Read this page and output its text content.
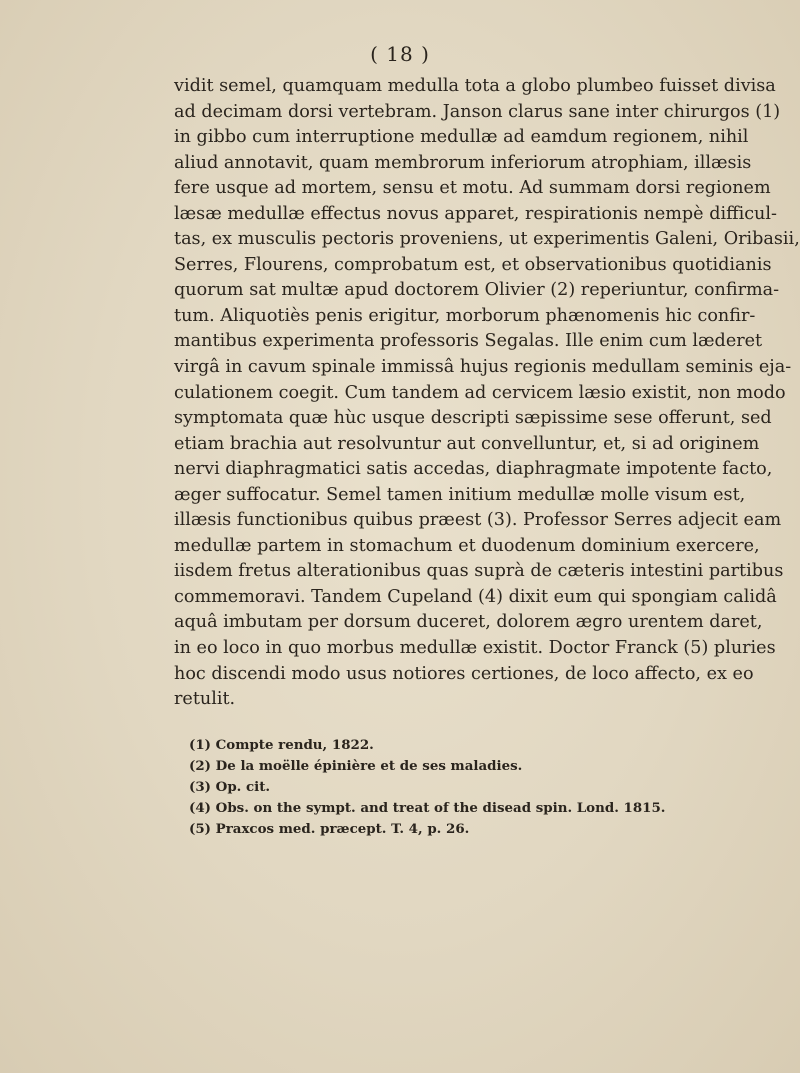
( 18 )
vidit semel, quamquam medulla tota a globo plumbeo fuisset divisa
ad decimam dorsi vertebram. Janson clarus sane inter chirurgos (1)
in gibbo cum interruptione medullæ ad eamdum regionem, nihil
aliud annotavit, quam membrorum inferiorum atrophiam, illæsis
fere usque ad mortem, sensu et motu. Ad summam dorsi regionem
læsæ medullæ effectus novus apparet, respirationis nempè difficul-
tas, ex musculis pectoris proveniens, ut experimentis Galeni, Oribasii,
Serres, Flourens, comprobatum est, et observationibus quotidianis
quorum sat multæ apud doctorem Olivier (2) reperiuntur, confirma-
tum. Aliquotiès penis erigitur, morborum phænomenis hic confir-
mantibus experimenta professoris Segalas. Ille enim cum læderet
virgâ in cavum spinale immissâ hujus regionis medullam seminis eja-
culationem coegit. Cum tandem ad cervicem læsio existit, non modo
symptomata quæ hùc usque descripti sæpissime sese offerunt, sed
etiam brachia aut resolvuntur aut convelluntur, et, si ad originem
nervi diaphragmatici satis accedas, diaphragmate impotente facto,
æger suffocatur. Semel tamen initium medullæ molle visum est,
illæsis functionibus quibus præest (3). Professor Serres adjecit eam
medullæ partem in stomachum et duodenum dominium exercere,
iisdem fretus alterationibus quas suprà de cæteris intestini partibus
commemoravi. Tandem Cupeland (4) dixit eum qui spongiam calidâ
aquâ imbutam per dorsum duceret, dolorem ægro urentem daret,
in eo loco in quo morbus medullæ existit. Doctor Franck (5) pluries
hoc discendi modo usus notiores certiones, de loco affecto, ex eo
retulit.
(1) Compte rendu, 1822.
(2) De la moëlle épinière et de ses maladies.
(3) Op. cit.
(4) Obs. on the sympt. and treat of the disead spin. Lond. 1815.
(5) Praxcos med. præcept. T. 4, p. 26.
